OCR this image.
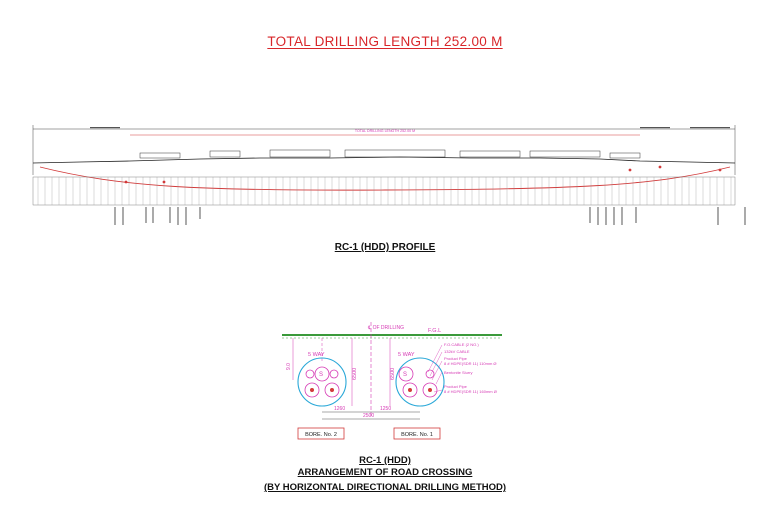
TOTAL DRILLING LENGTH 252.00 M
TOTAL DRILLING LENGTH 252.00 M
RC-1 (HDD) PROFILE
℄ OF DRILLING	F.G.L
5 WAY
S
5 WAY
S
9.0
6500	6500
1260	1250
2500
BORE. No. 2	BORE. No. 1
F.O.CABLE (2 NO.)
132kV CABLE
Product Pipe
8 # HDPE(SDR 11) 110mm Ø
Bentonite Slurry
Product Pipe
8 # HDPE(SDR 11) 160mm Ø
RC-1 (HDD)
ARRANGEMENT OF ROAD CROSSING
(BY HORIZONTAL DIRECTIONAL DRILLING METHOD)
